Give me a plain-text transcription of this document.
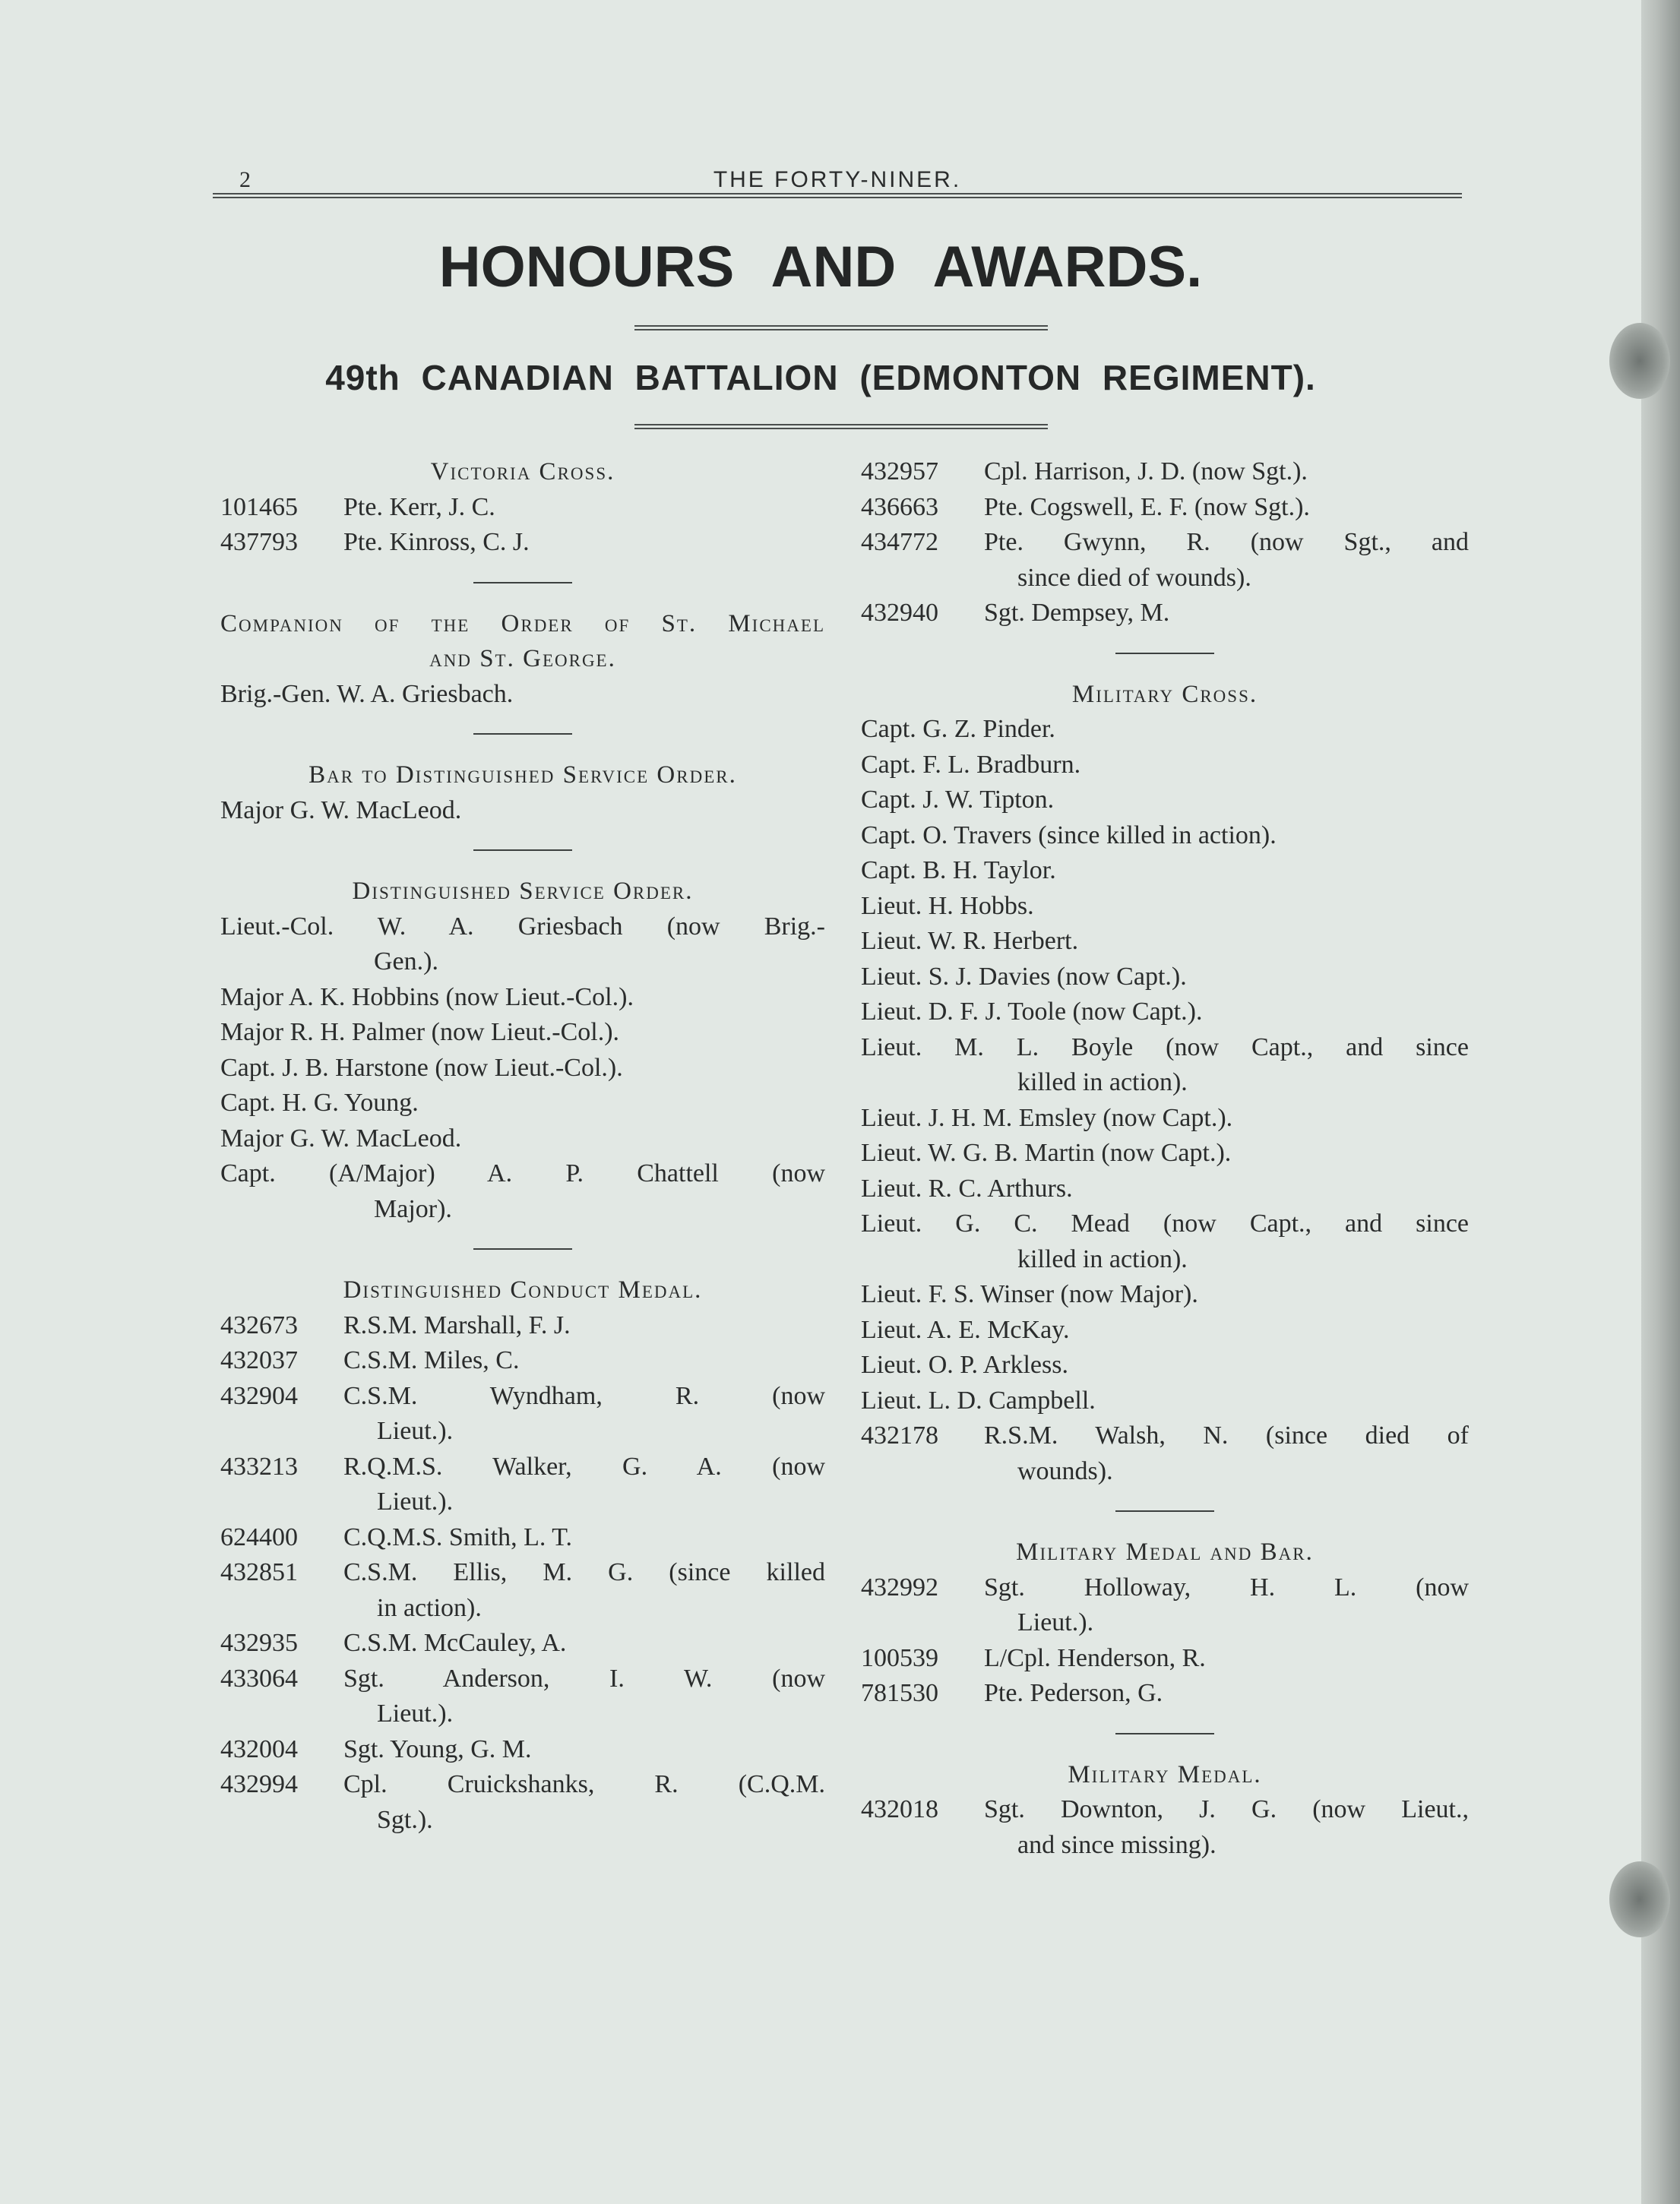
2	THE FORTY-NINER.
HONOURS AND AWARDS.
49th CANADIAN BATTALION (EDMONTON REGIMENT).

Victoria Cross.

101465	Pte. Kerr, J. C.
437793	Pte. Kinross, C. J.

Companion of the Order of St. Michael
and St. George.

Brig.-Gen. W. A. Griesbach.

Bar to Distinguished Service Order.

Major G. W. MacLeod.

Distinguished Service Order.

Lieut.-Col. W. A. Griesbach (now Brig.-
Gen.).

Major A. K. Hobbins (now Lieut.-Col.).

Major R. H. Palmer (now Lieut.-Col.).

Capt. J. B. Harstone (now Lieut.-Col.).

Capt. H. G. Young.

Major G. W. MacLeod.

Capt. (A/Major) A. P. Chattell (now
Major).

Distinguished Conduct Medal.

432673	R.S.M. Marshall, F. J.
432037	C.S.M. Miles, C.
432904	C.S.M. Wyndham, R. (now
Lieut.).
433213	R.Q.M.S. Walker, G. A. (now
Lieut.).
624400	C.Q.M.S. Smith, L. T.
432851	C.S.M. Ellis, M. G. (since killed
in action).
432935	C.S.M. McCauley, A.
433064	Sgt. Anderson, I. W. (now
Lieut.).
432004	Sgt. Young, G. M.
432994	Cpl. Cruickshanks, R. (C.Q.M.
Sgt.).
432957	Cpl. Harrison, J. D. (now Sgt.).
436663	Pte. Cogswell, E. F. (now Sgt.).
434772	Pte. Gwynn, R. (now Sgt., and
since died of wounds).
432940	Sgt. Dempsey, M.

Military Cross.

Capt. G. Z. Pinder.

Capt. F. L. Bradburn.

Capt. J. W. Tipton.

Capt. O. Travers (since killed in action).

Capt. B. H. Taylor.

Lieut. H. Hobbs.

Lieut. W. R. Herbert.

Lieut. S. J. Davies (now Capt.).

Lieut. D. F. J. Toole (now Capt.).

Lieut. M. L. Boyle (now Capt., and since
killed in action).

Lieut. J. H. M. Emsley (now Capt.).

Lieut. W. G. B. Martin (now Capt.).

Lieut. R. C. Arthurs.

Lieut. G. C. Mead (now Capt., and since
killed in action).

Lieut. F. S. Winser (now Major).

Lieut. A. E. McKay.

Lieut. O. P. Arkless.

Lieut. L. D. Campbell.

432178	R.S.M. Walsh, N. (since died of
wounds).

Military Medal and Bar.

432992	Sgt. Holloway, H. L. (now
Lieut.).
100539	L/Cpl. Henderson, R.
781530	Pte. Pederson, G.

Military Medal.

432018	Sgt. Downton, J. G. (now Lieut.,
and since missing).
